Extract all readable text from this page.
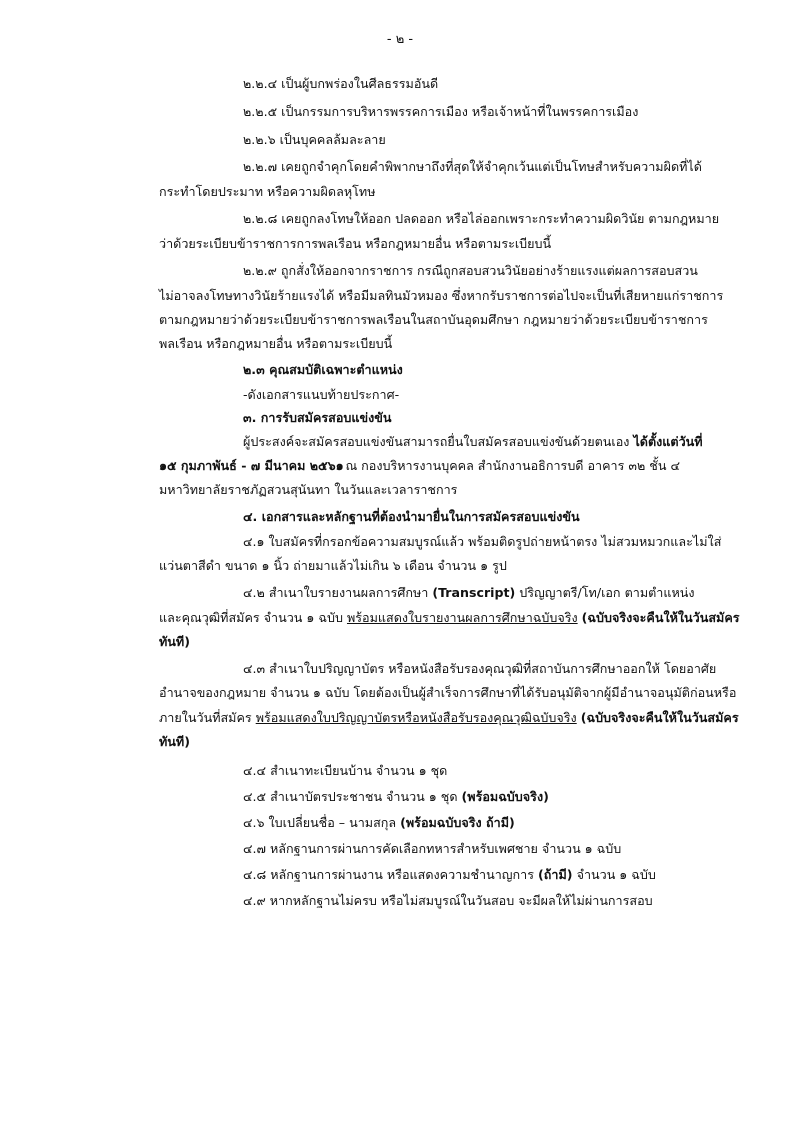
- ๒ -
๒.๒.๔ เป็นผู้บกพร่องในศีลธรรมอันดี
๒.๒.๕ เป็นกรรมการบริหารพรรคการเมือง หรือเจ้าหน้าที่ในพรรคการเมือง
๒.๒.๖ เป็นบุคคลล้มละลาย
๒.๒.๗ เคยถูกจำคุกโดยคำพิพากษาถึงที่สุดให้จำคุกเว้นแต่เป็นโทษสำหรับความผิดที่ได้
กระทำโดยประมาท หรือความผิดลหุโทษ
๒.๒.๘ เคยถูกลงโทษให้ออก ปลดออก หรือไล่ออกเพราะกระทำความผิดวินัย ตามกฎหมาย
ว่าด้วยระเบียบข้าราชการการพลเรือน หรือกฎหมายอื่น หรือตามระเบียบนี้
๒.๒.๙ ถูกสั่งให้ออกจากราชการ กรณีถูกสอบสวนวินัยอย่างร้ายแรงแต่ผลการสอบสวน
ไม่อาจลงโทษทางวินัยร้ายแรงได้ หรือมีมลทินมัวหมอง ซึ่งหากรับราชการต่อไปจะเป็นที่เสียหายแก่ราชการ
ตามกฎหมายว่าด้วยระเบียบข้าราชการพลเรือนในสถาบันอุดมศึกษา กฎหมายว่าด้วยระเบียบข้าราชการ
พลเรือน หรือกฎหมายอื่น หรือตามระเบียบนี้
๒.๓ คุณสมบัติเฉพาะตำแหน่ง
-ดังเอกสารแนบท้ายประกาศ-
๓. การรับสมัครสอบแข่งขัน
ผู้ประสงค์จะสมัครสอบแข่งขันสามารถยื่นใบสมัครสอบแข่งขันด้วยตนเอง ได้ตั้งแต่วันที่
๑๕ กุมภาพันธ์ - ๗ มีนาคม ๒๕๖๑ ณ กองบริหารงานบุคคล สำนักงานอธิการบดี อาคาร ๓๒ ชั้น ๔
มหาวิทยาลัยราชภัฏสวนสุนันทา ในวันและเวลาราชการ
๔. เอกสารและหลักฐานที่ต้องนำมายื่นในการสมัครสอบแข่งขัน
๔.๑ ใบสมัครที่กรอกข้อความสมบูรณ์แล้ว พร้อมติดรูปถ่ายหน้าตรง ไม่สวมหมวกและไม่ใส่
แว่นตาสีดำ ขนาด ๑ นิ้ว ถ่ายมาแล้วไม่เกิน ๖ เดือน จำนวน ๑ รูป
๔.๒ สำเนาใบรายงานผลการศึกษา (Transcript) ปริญญาตรี/โท/เอก ตามตำแหน่ง
และคุณวุฒิที่สมัคร จำนวน ๑ ฉบับ พร้อมแสดงใบรายงานผลการศึกษาฉบับจริง (ฉบับจริงจะคืนให้ในวันสมัคร
ทันที)
๔.๓ สำเนาใบปริญญาบัตร หรือหนังสือรับรองคุณวุฒิที่สถาบันการศึกษาออกให้ โดยอาศัย
อำนาจของกฎหมาย จำนวน ๑ ฉบับ โดยต้องเป็นผู้สำเร็จการศึกษาที่ได้รับอนุมัติจากผู้มีอำนาจอนุมัติก่อนหรือ
ภายในวันที่สมัคร พร้อมแสดงใบปริญญาบัตรหรือหนังสือรับรองคุณวุฒิฉบับจริง (ฉบับจริงจะคืนให้ในวันสมัคร
ทันที)
๔.๔ สำเนาทะเบียนบ้าน จำนวน ๑ ชุด
๔.๕ สำเนาบัตรประชาชน จำนวน ๑ ชุด (พร้อมฉบับจริง)
๔.๖ ใบเปลี่ยนชื่อ – นามสกุล (พร้อมฉบับจริง ถ้ามี)
๔.๗ หลักฐานการผ่านการคัดเลือกทหารสำหรับเพศชาย จำนวน ๑ ฉบับ
๔.๘ หลักฐานการผ่านงาน หรือแสดงความชำนาญการ (ถ้ามี) จำนวน ๑ ฉบับ
๔.๙ หากหลักฐานไม่ครบ หรือไม่สมบูรณ์ในวันสอบ จะมีผลให้ไม่ผ่านการสอบ
